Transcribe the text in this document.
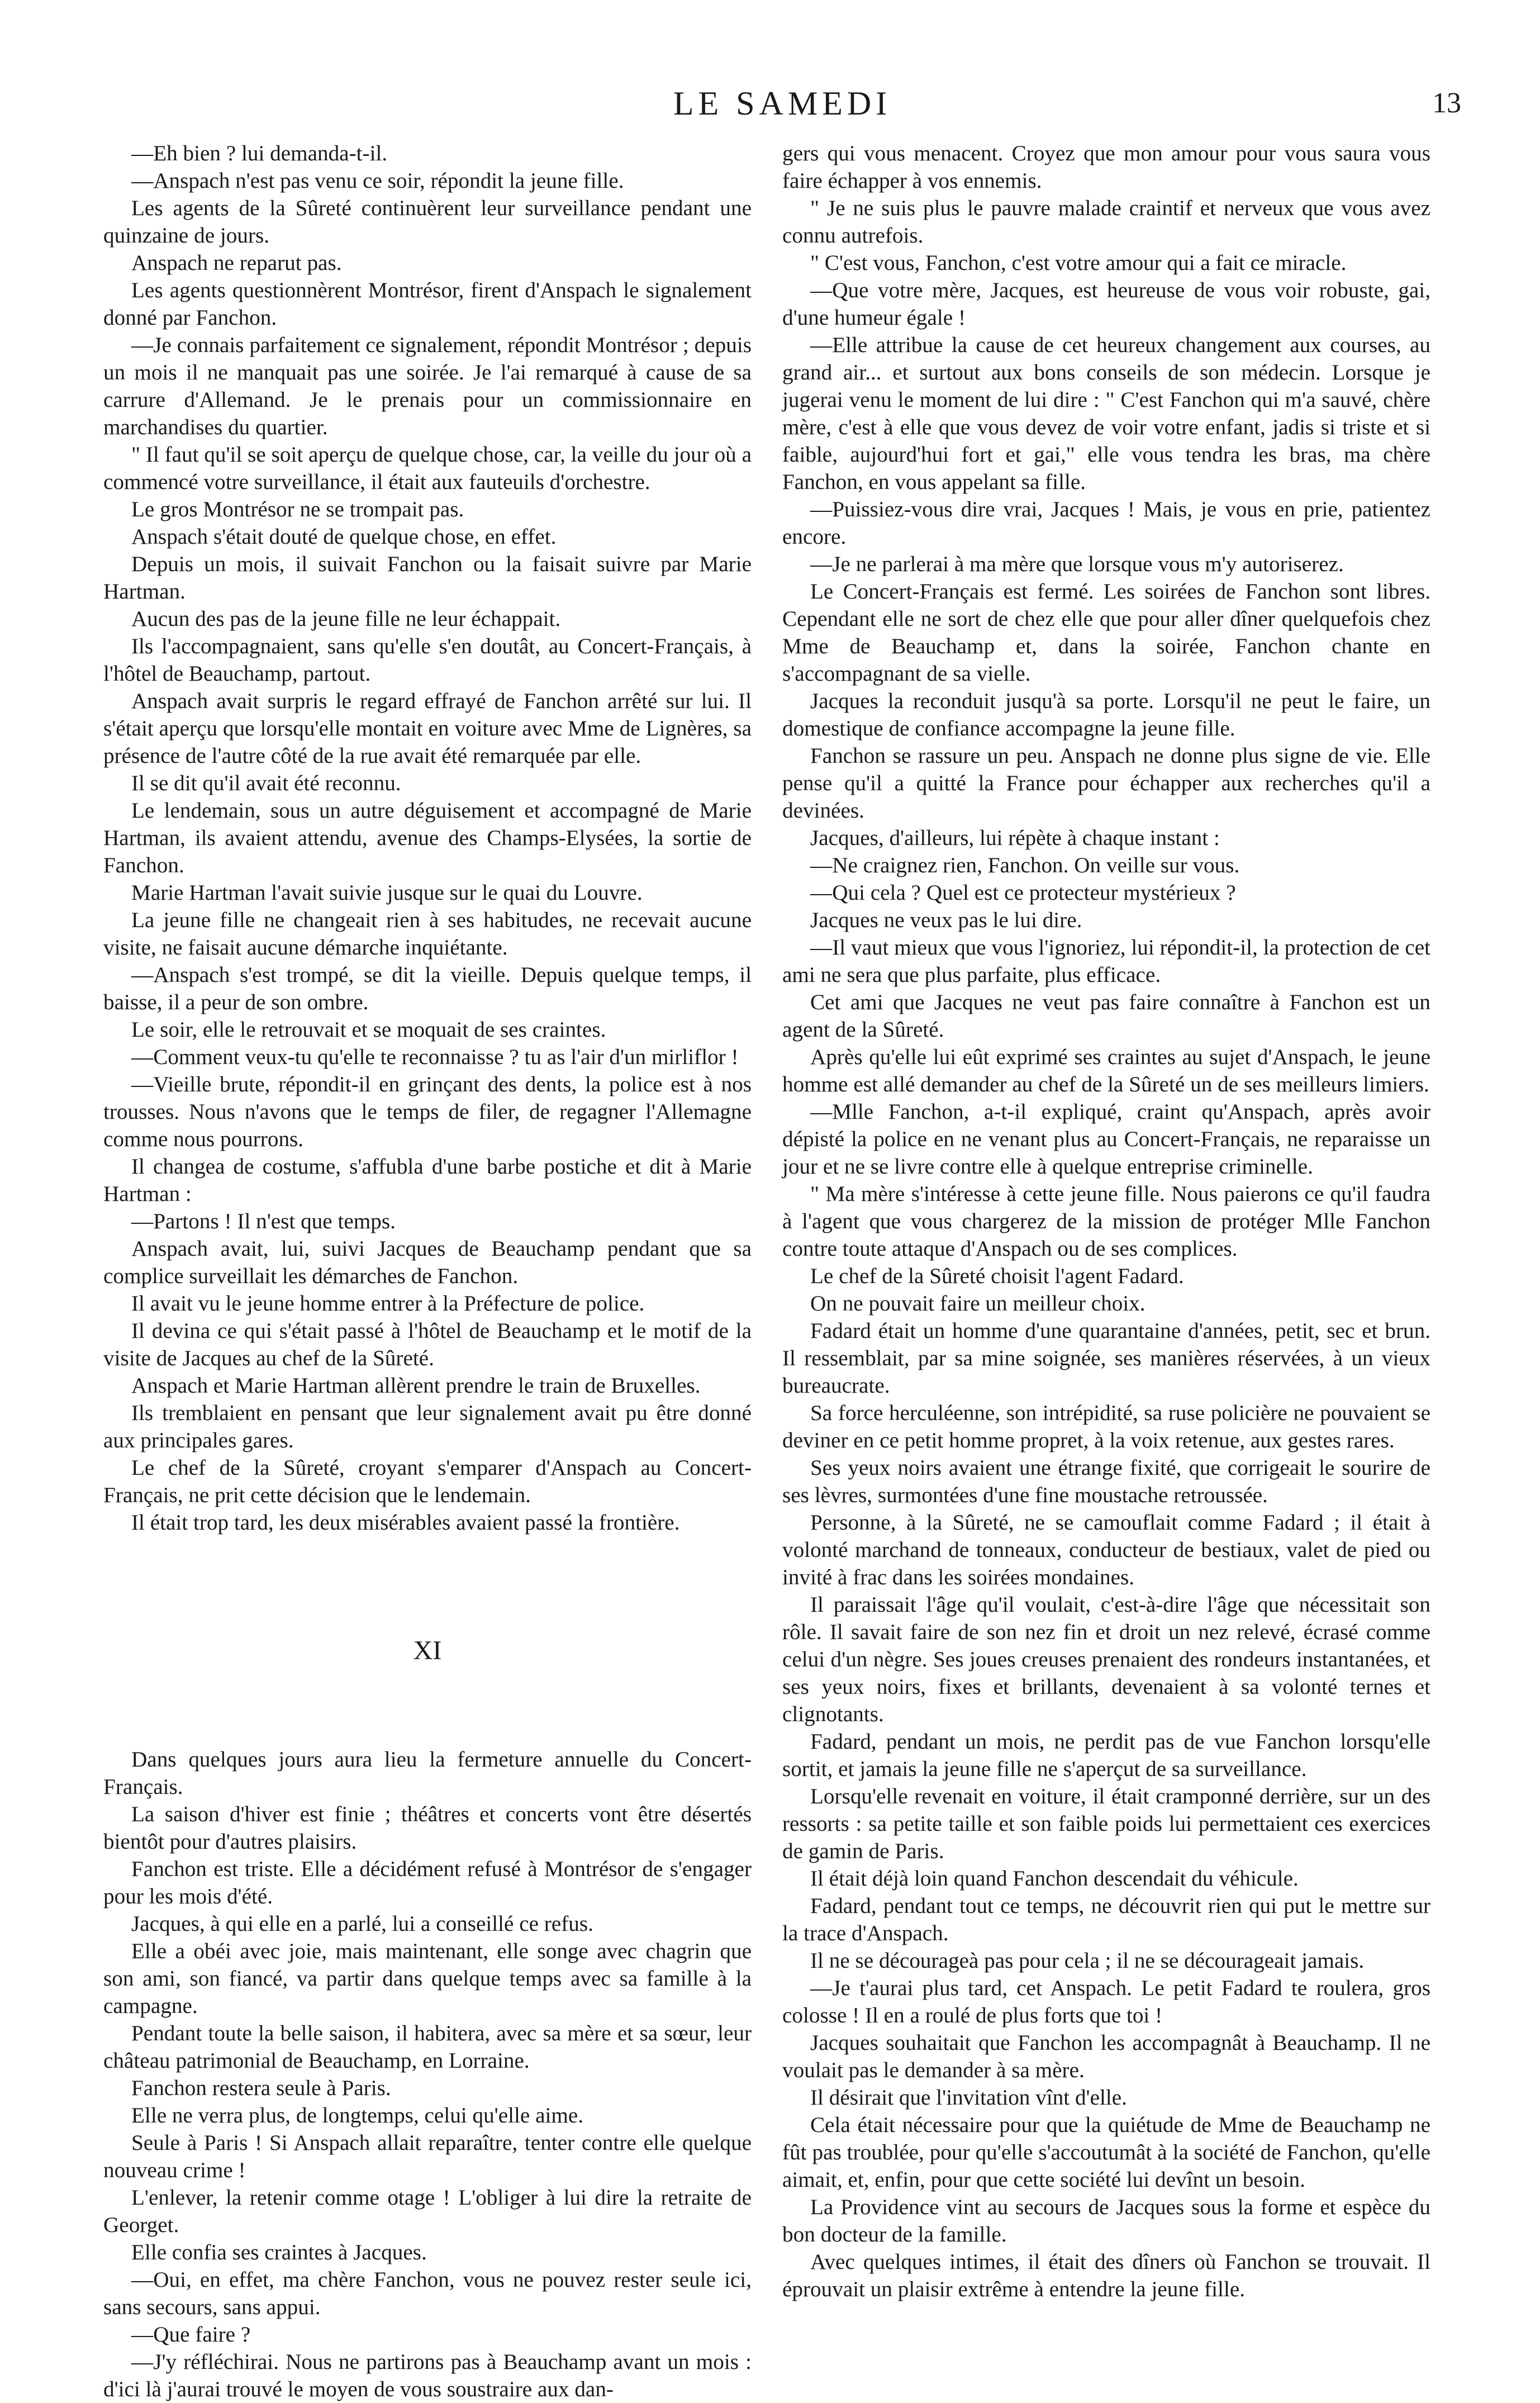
LE SAMEDI	13

—Eh bien ? lui demanda-t-il.

—Anspach n'est pas venu ce soir, répondit la jeune fille.

Les agents de la Sûreté continuèrent leur surveillance pendant une quinzaine de jours.

Anspach ne reparut pas.

Les agents questionnèrent Montrésor, firent d'Anspach le signalement donné par Fanchon.

—Je connais parfaitement ce signalement, répondit Montrésor ; depuis un mois il ne manquait pas une soirée. Je l'ai remarqué à cause de sa carrure d'Allemand. Je le prenais pour un commissionnaire en marchandises du quartier.

" Il faut qu'il se soit aperçu de quelque chose, car, la veille du jour où a commencé votre surveillance, il était aux fauteuils d'orchestre.

Le gros Montrésor ne se trompait pas.

Anspach s'était douté de quelque chose, en effet.

Depuis un mois, il suivait Fanchon ou la faisait suivre par Marie Hartman.

Aucun des pas de la jeune fille ne leur échappait.

Ils l'accompagnaient, sans qu'elle s'en doutât, au Concert-Français, à l'hôtel de Beauchamp, partout.

Anspach avait surpris le regard effrayé de Fanchon arrêté sur lui. Il s'était aperçu que lorsqu'elle montait en voiture avec Mme de Lignères, sa présence de l'autre côté de la rue avait été remarquée par elle.

Il se dit qu'il avait été reconnu.

Le lendemain, sous un autre déguisement et accompagné de Marie Hartman, ils avaient attendu, avenue des Champs-Elysées, la sortie de Fanchon.

Marie Hartman l'avait suivie jusque sur le quai du Louvre.

La jeune fille ne changeait rien à ses habitudes, ne recevait aucune visite, ne faisait aucune démarche inquiétante.

—Anspach s'est trompé, se dit la vieille. Depuis quelque temps, il baisse, il a peur de son ombre.

Le soir, elle le retrouvait et se moquait de ses craintes.

—Comment veux-tu qu'elle te reconnaisse ? tu as l'air d'un mirliflor !

—Vieille brute, répondit-il en grinçant des dents, la police est à nos trousses. Nous n'avons que le temps de filer, de regagner l'Allemagne comme nous pourrons.

Il changea de costume, s'affubla d'une barbe postiche et dit à Marie Hartman :

—Partons ! Il n'est que temps.

Anspach avait, lui, suivi Jacques de Beauchamp pendant que sa complice surveillait les démarches de Fanchon.

Il avait vu le jeune homme entrer à la Préfecture de police.

Il devina ce qui s'était passé à l'hôtel de Beauchamp et le motif de la visite de Jacques au chef de la Sûreté.

Anspach et Marie Hartman allèrent prendre le train de Bruxelles.

Ils tremblaient en pensant que leur signalement avait pu être donné aux principales gares.

Le chef de la Sûreté, croyant s'emparer d'Anspach au Concert-Français, ne prit cette décision que le lendemain.

Il était trop tard, les deux misérables avaient passé la frontière.

XI

Dans quelques jours aura lieu la fermeture annuelle du Concert-Français.

La saison d'hiver est finie ; théâtres et concerts vont être désertés bientôt pour d'autres plaisirs.

Fanchon est triste. Elle a décidément refusé à Montrésor de s'engager pour les mois d'été.

Jacques, à qui elle en a parlé, lui a conseillé ce refus.

Elle a obéi avec joie, mais maintenant, elle songe avec chagrin que son ami, son fiancé, va partir dans quelque temps avec sa famille à la campagne.

Pendant toute la belle saison, il habitera, avec sa mère et sa sœur, leur château patrimonial de Beauchamp, en Lorraine.

Fanchon restera seule à Paris.

Elle ne verra plus, de longtemps, celui qu'elle aime.

Seule à Paris ! Si Anspach allait reparaître, tenter contre elle quelque nouveau crime !

L'enlever, la retenir comme otage ! L'obliger à lui dire la retraite de Georget.

Elle confia ses craintes à Jacques.

—Oui, en effet, ma chère Fanchon, vous ne pouvez rester seule ici, sans secours, sans appui.

—Que faire ?

—J'y réfléchirai. Nous ne partirons pas à Beauchamp avant un mois : d'ici là j'aurai trouvé le moyen de vous soustraire aux dan-

gers qui vous menacent. Croyez que mon amour pour vous saura vous faire échapper à vos ennemis.

" Je ne suis plus le pauvre malade craintif et nerveux que vous avez connu autrefois.

" C'est vous, Fanchon, c'est votre amour qui a fait ce miracle.

—Que votre mère, Jacques, est heureuse de vous voir robuste, gai, d'une humeur égale !

—Elle attribue la cause de cet heureux changement aux courses, au grand air... et surtout aux bons conseils de son médecin. Lorsque je jugerai venu le moment de lui dire : " C'est Fanchon qui m'a sauvé, chère mère, c'est à elle que vous devez de voir votre enfant, jadis si triste et si faible, aujourd'hui fort et gai," elle vous tendra les bras, ma chère Fanchon, en vous appelant sa fille.

—Puissiez-vous dire vrai, Jacques ! Mais, je vous en prie, patientez encore.

—Je ne parlerai à ma mère que lorsque vous m'y autoriserez.

Le Concert-Français est fermé. Les soirées de Fanchon sont libres. Cependant elle ne sort de chez elle que pour aller dîner quelquefois chez Mme de Beauchamp et, dans la soirée, Fanchon chante en s'accompagnant de sa vielle.

Jacques la reconduit jusqu'à sa porte. Lorsqu'il ne peut le faire, un domestique de confiance accompagne la jeune fille.

Fanchon se rassure un peu. Anspach ne donne plus signe de vie. Elle pense qu'il a quitté la France pour échapper aux recherches qu'il a devinées.

Jacques, d'ailleurs, lui répète à chaque instant :

—Ne craignez rien, Fanchon. On veille sur vous.

—Qui cela ? Quel est ce protecteur mystérieux ?

Jacques ne veux pas le lui dire.

—Il vaut mieux que vous l'ignoriez, lui répondit-il, la protection de cet ami ne sera que plus parfaite, plus efficace.

Cet ami que Jacques ne veut pas faire connaître à Fanchon est un agent de la Sûreté.

Après qu'elle lui eût exprimé ses craintes au sujet d'Anspach, le jeune homme est allé demander au chef de la Sûreté un de ses meilleurs limiers.

—Mlle Fanchon, a-t-il expliqué, craint qu'Anspach, après avoir dépisté la police en ne venant plus au Concert-Français, ne reparaisse un jour et ne se livre contre elle à quelque entreprise criminelle.

" Ma mère s'intéresse à cette jeune fille. Nous paierons ce qu'il faudra à l'agent que vous chargerez de la mission de protéger Mlle Fanchon contre toute attaque d'Anspach ou de ses complices.

Le chef de la Sûreté choisit l'agent Fadard.

On ne pouvait faire un meilleur choix.

Fadard était un homme d'une quarantaine d'années, petit, sec et brun. Il ressemblait, par sa mine soignée, ses manières réservées, à un vieux bureaucrate.

Sa force herculéenne, son intrépidité, sa ruse policière ne pouvaient se deviner en ce petit homme propret, à la voix retenue, aux gestes rares.

Ses yeux noirs avaient une étrange fixité, que corrigeait le sourire de ses lèvres, surmontées d'une fine moustache retroussée.

Personne, à la Sûreté, ne se camouflait comme Fadard ; il était à volonté marchand de tonneaux, conducteur de bestiaux, valet de pied ou invité à frac dans les soirées mondaines.

Il paraissait l'âge qu'il voulait, c'est-à-dire l'âge que nécessitait son rôle. Il savait faire de son nez fin et droit un nez relevé, écrasé comme celui d'un nègre. Ses joues creuses prenaient des rondeurs instantanées, et ses yeux noirs, fixes et brillants, devenaient à sa volonté ternes et clignotants.

Fadard, pendant un mois, ne perdit pas de vue Fanchon lorsqu'elle sortit, et jamais la jeune fille ne s'aperçut de sa surveillance.

Lorsqu'elle revenait en voiture, il était cramponné derrière, sur un des ressorts : sa petite taille et son faible poids lui permettaient ces exercices de gamin de Paris.

Il était déjà loin quand Fanchon descendait du véhicule.

Fadard, pendant tout ce temps, ne découvrit rien qui put le mettre sur la trace d'Anspach.

Il ne se décourageà pas pour cela ; il ne se décourageait jamais.

—Je t'aurai plus tard, cet Anspach. Le petit Fadard te roulera, gros colosse ! Il en a roulé de plus forts que toi !

Jacques souhaitait que Fanchon les accompagnât à Beauchamp. Il ne voulait pas le demander à sa mère.

Il désirait que l'invitation vînt d'elle.

Cela était nécessaire pour que la quiétude de Mme de Beauchamp ne fût pas troublée, pour qu'elle s'accoutumât à la société de Fanchon, qu'elle aimait, et, enfin, pour que cette société lui devînt un besoin.

La Providence vint au secours de Jacques sous la forme et espèce du bon docteur de la famille.

Avec quelques intimes, il était des dîners où Fanchon se trouvait. Il éprouvait un plaisir extrême à entendre la jeune fille.
